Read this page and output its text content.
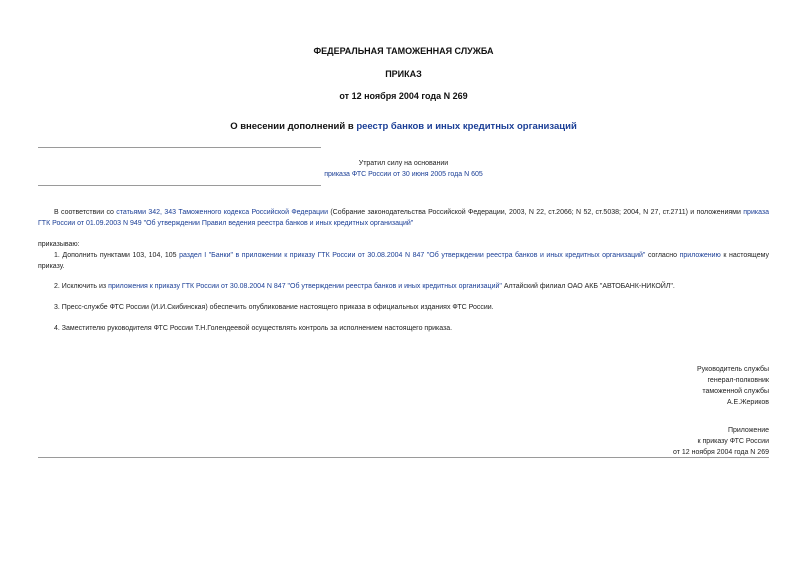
ФЕДЕРАЛЬНАЯ ТАМОЖЕННАЯ СЛУЖБА
ПРИКАЗ
от 12 ноября 2004 года N 269
О внесении дополнений в реестр банков и иных кредитных организаций
Утратил силу на основании
приказа ФТС России от 30 июня 2005 года N 605

В соответствии со статьями 342, 343 Таможенного кодекса Российской Федерации (Собрание законодательства Российской Федерации, 2003, N 22, ст.2066; N 52, ст.5038; 2004, N 27, ст.2711) и положениями приказа ГТК России от 01.09.2003 N 949 "Об утверждении Правил ведения реестра банков и иных кредитных организаций"

приказываю:

1. Дополнить пунктами 103, 104, 105 раздел I "Банки" в приложении к приказу ГТК России от 30.08.2004 N 847 "Об утверждении реестра банков и иных кредитных организаций" согласно приложению к настоящему приказу.

2. Исключить из приложения к приказу ГТК России от 30.08.2004 N 847 "Об утверждении реестра банков и иных кредитных организаций" Алтайский филиал ОАО АКБ "АВТОБАНК-НИКОЙЛ".

3. Пресс-службе ФТС России (И.И.Скибинская) обеспечить опубликование настоящего приказа в официальных изданиях ФТС России.

4. Заместителю руководителя ФТС России Т.Н.Голендеевой осуществлять контроль за исполнением настоящего приказа.

Руководитель службы
генерал-полковник
таможенной службы
А.Е.Жериков
Приложение
к приказу ФТС России
от 12 ноября 2004 года N 269
